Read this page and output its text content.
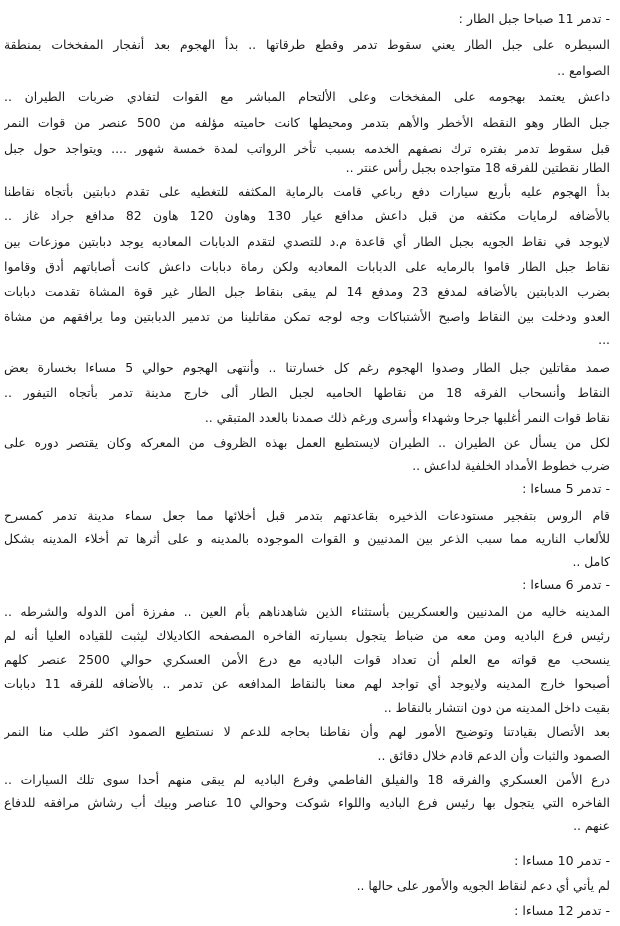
- تدمر 11 صباحا جبل الطار :
السيطره على جبل الطار يعني سقوط تدمر وقطع طرقاتها .. بدأ الهجوم بعد أنفجار المفخخات بمنطقة
الصوامع ..
داعش يعتمد بهجومه على المفخخات وعلى الألتحام المباشر مع القوات لتفادي ضربات الطيران ..
جبل الطار وهو النقطه الأخطر والأهم بتدمر ومحيطها كانت حاميته مؤلفه من 500 عنصر من قوات النمر
قبل سقوط تدمر بفتره ترك نصفهم الخدمه بسبب تأخر الرواتب لمدة خمسة شهور .... ويتواجد حول جبل
الطار نقطتين للفرقه 18 متواجده بجبل رأس عنتر ..
بدأ الهجوم عليه بأربع سيارات دفع رباعي قامت بالرماية المكثفه للتغطيه على تقدم دبابتين بأتجاه نقاطنا
بالأضافه لرمايات مكثفه من قبل داعش مدافع عيار 130 وهاون 120 هاون 82 مدافع جراد غاز ..
لايوجد في نقاط الجويه بجبل الطار أي قاعدة م.د للتصدي لتقدم الدبابات المعاديه يوجد دبابتين موزعات بين
نقاط جبل الطار قاموا بالرمايه على الدبابات المعاديه ولكن رماة دبابات داعش كانت أصاباتهم أدق وقاموا
بضرب الدبابتين بالأضافه لمدفع 23 ومدفع 14 لم يبقى بنقاط جبل الطار غير قوة المشاة تقدمت دبابات
العدو ودخلت بين النقاط واصبح الأشتباكات وجه لوجه تمكن مقاتلينا من تدمير الدبابتين وما يرافقهم من مشاة
...
صمد مقاتلين جبل الطار وصدوا الهجوم رغم كل خسارتنا .. وأنتهى الهجوم حوالي 5 مساءا بخسارة بعض
النقاط وأنسحاب الفرقه 18 من نقاطها الحاميه لجبل الطار ألى خارج مدينة تدمر بأتجاه التيفور ..
نقاط قوات النمر أغلبها جرحا وشهداء وأسرى ورغم ذلك صمدنا بالعدد المتبقي ..
لكل من يسأل عن الطيران .. الطيران لايستطيع العمل بهذه الظروف من المعركه وكان يقتصر دوره على
ضرب خطوط الأمداد الخلفية لداعش ..
- تدمر 5 مساءا :
قام الروس بتفجير مستودعات الذخيره بقاعدتهم بتدمر قبل أخلائها مما جعل سماء مدينة تدمر كمسرح
للألعاب الناريه مما سبب الذعر بين المدنيين و القوات الموجوده بالمدينه و على أثرها تم أخلاء المدينه بشكل
كامل ..
- تدمر 6 مساءا :
المدينه خاليه من المدنيين والعسكريين بأستثناء الذين شاهدناهم بأم العين .. مفرزة أمن الدوله والشرطه ..
رئيس فرع الباديه ومن معه من ضباط يتجول بسيارته الفاخره المصفحه الكاديلاك ليثبت للقياده العليا أنه لم
ينسحب مع قواته مع العلم أن تعداد قوات الباديه مع درع الأمن العسكري حوالي 2500 عنصر كلهم
أصبحوا خارج المدينه ولايوجد أي تواجد لهم معنا بالنقاط المدافعه عن تدمر .. بالأضافه للفرقه 11 دبابات
بقيت داخل المدينه من دون انتشار بالنقاط ..
بعد الأتصال بقيادتنا وتوضيح الأمور لهم وأن نقاطنا بحاجه للدعم لا نستطيع الصمود اكثر طلب منا النمر
الصمود والثبات وأن الدعم قادم خلال دقائق ..
درع الأمن العسكري والفرقه 18 والفيلق الفاطمي وفرع الباديه لم يبقى منهم أحدا سوى تلك السيارات ..
الفاخره التي يتجول بها رئيس فرع الباديه واللواء شوكت وحوالي 10 عناصر وبيك أب رشاش مرافقه للدفاع
عنهم ..
- تدمر 10 مساءا :
لم يأتي أي دعم لنقاط الجويه والأمور على حالها ..
- تدمر 12 مساءا :
